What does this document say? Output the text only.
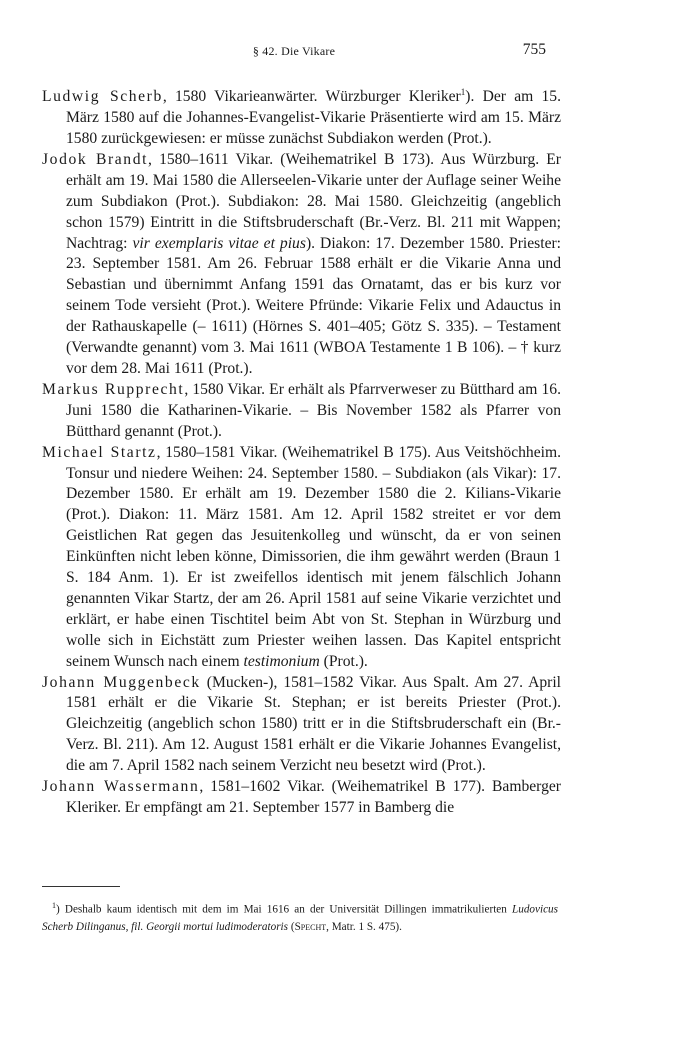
§ 42. Die Vikare	755

Ludwig Scherb, 1580 Vikarieanwärter. Würzburger Kleriker$^1$). Der am 15. März 1580 auf die Johannes-Evangelist-Vikarie Präsentierte wird am 15. März 1580 zurückgewiesen: er müsse zunächst Subdiakon werden (Prot.).

Jodok Brandt, 1580–1611 Vikar. (Weihematrikel B 173). Aus Würzburg. Er erhält am 19. Mai 1580 die Allerseelen-Vikarie unter der Auflage seiner Weihe zum Subdiakon (Prot.). Subdiakon: 28. Mai 1580. Gleichzeitig (angeblich schon 1579) Eintritt in die Stiftsbruderschaft (Br.-Verz. Bl. 211 mit Wappen; Nachtrag: vir exemplaris vitae et pius). Diakon: 17. Dezember 1580. Priester: 23. September 1581. Am 26. Februar 1588 erhält er die Vikarie Anna und Sebastian und übernimmt Anfang 1591 das Ornatamt, das er bis kurz vor seinem Tode versieht (Prot.). Weitere Pfründe: Vikarie Felix und Adauctus in der Rathauskapelle (– 1611) (Hörnes S. 401–405; Götz S. 335). – Testament (Verwandte genannt) vom 3. Mai 1611 (WBOA Testamente 1 B 106). – † kurz vor dem 28. Mai 1611 (Prot.).

Markus Rupprecht, 1580 Vikar. Er erhält als Pfarrverweser zu Bütthard am 16. Juni 1580 die Katharinen-Vikarie. – Bis November 1582 als Pfarrer von Bütthard genannt (Prot.).

Michael Startz, 1580–1581 Vikar. (Weihematrikel B 175). Aus Veitshöchheim. Tonsur und niedere Weihen: 24. September 1580. – Subdiakon (als Vikar): 17. Dezember 1580. Er erhält am 19. Dezember 1580 die 2. Kilians-Vikarie (Prot.). Diakon: 11. März 1581. Am 12. April 1582 streitet er vor dem Geistlichen Rat gegen das Jesuitenkolleg und wünscht, da er von seinen Einkünften nicht leben könne, Dimissorien, die ihm gewährt werden (Braun 1 S. 184 Anm. 1). Er ist zweifellos identisch mit jenem fälschlich Johann genannten Vikar Startz, der am 26. April 1581 auf seine Vikarie verzichtet und erklärt, er habe einen Tischtitel beim Abt von St. Stephan in Würzburg und wolle sich in Eichstätt zum Priester weihen lassen. Das Kapitel entspricht seinem Wunsch nach einem testimonium (Prot.).

Johann Muggenbeck (Mucken-), 1581–1582 Vikar. Aus Spalt. Am 27. April 1581 erhält er die Vikarie St. Stephan; er ist bereits Priester (Prot.). Gleichzeitig (angeblich schon 1580) tritt er in die Stiftsbruderschaft ein (Br.-Verz. Bl. 211). Am 12. August 1581 erhält er die Vikarie Johannes Evangelist, die am 7. April 1582 nach seinem Verzicht neu besetzt wird (Prot.).

Johann Wassermann, 1581–1602 Vikar. (Weihematrikel B 177). Bamberger Kleriker. Er empfängt am 21. September 1577 in Bamberg die

$^1$) Deshalb kaum identisch mit dem im Mai 1616 an der Universität Dillingen immatrikulierten Ludovicus Scherb Dilinganus, fil. Georgii mortui ludimoderatoris (Specht, Matr. 1 S. 475).
